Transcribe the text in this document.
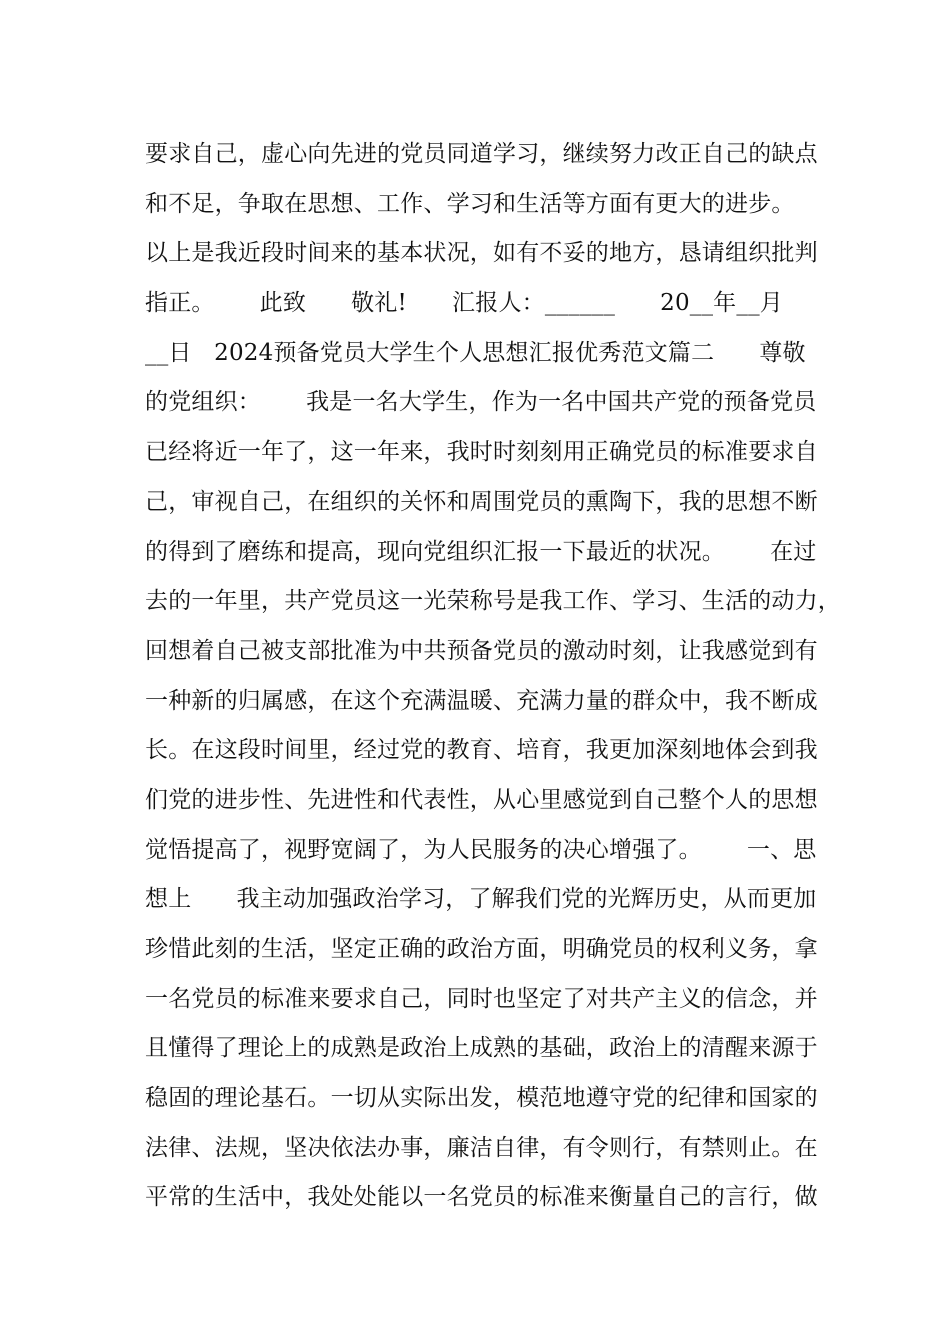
要求自己，虚心向先进的党员同道学习，继续努力改正自己的缺点
和不足，争取在思想、工作、学习和生活等方面有更大的进步。
以上是我近段时间来的基本状况，如有不妥的地方，恳请组织批判
指正。      此致      敬礼!      汇报人：______      20__年__月
__日   2024预备党员大学生个人思想汇报优秀范文篇二      尊敬
的党组织：      我是一名大学生，作为一名中国共产党的预备党员
已经将近一年了，这一年来，我时时刻刻用正确党员的标准要求自
己，审视自己，在组织的关怀和周围党员的熏陶下，我的思想不断
的得到了磨练和提高，现向党组织汇报一下最近的状况。      在过
去的一年里，共产党员这一光荣称号是我工作、学习、生活的动力，
回想着自己被支部批准为中共预备党员的激动时刻，让我感觉到有
一种新的归属感，在这个充满温暖、充满力量的群众中，我不断成
长。在这段时间里，经过党的教育、培育，我更加深刻地体会到我
们党的进步性、先进性和代表性，从心里感觉到自己整个人的思想
觉悟提高了，视野宽阔了，为人民服务的决心增强了。      一、思
想上      我主动加强政治学习，了解我们党的光辉历史，从而更加
珍惜此刻的生活，坚定正确的政治方面，明确党员的权利义务，拿
一名党员的标准来要求自己，同时也坚定了对共产主义的信念，并
且懂得了理论上的成熟是政治上成熟的基础，政治上的清醒来源于
稳固的理论基石。一切从实际出发，模范地遵守党的纪律和国家的
法律、法规，坚决依法办事，廉洁自律，有令则行，有禁则止。在
平常的生活中，我处处能以一名党员的标准来衡量自己的言行，做
